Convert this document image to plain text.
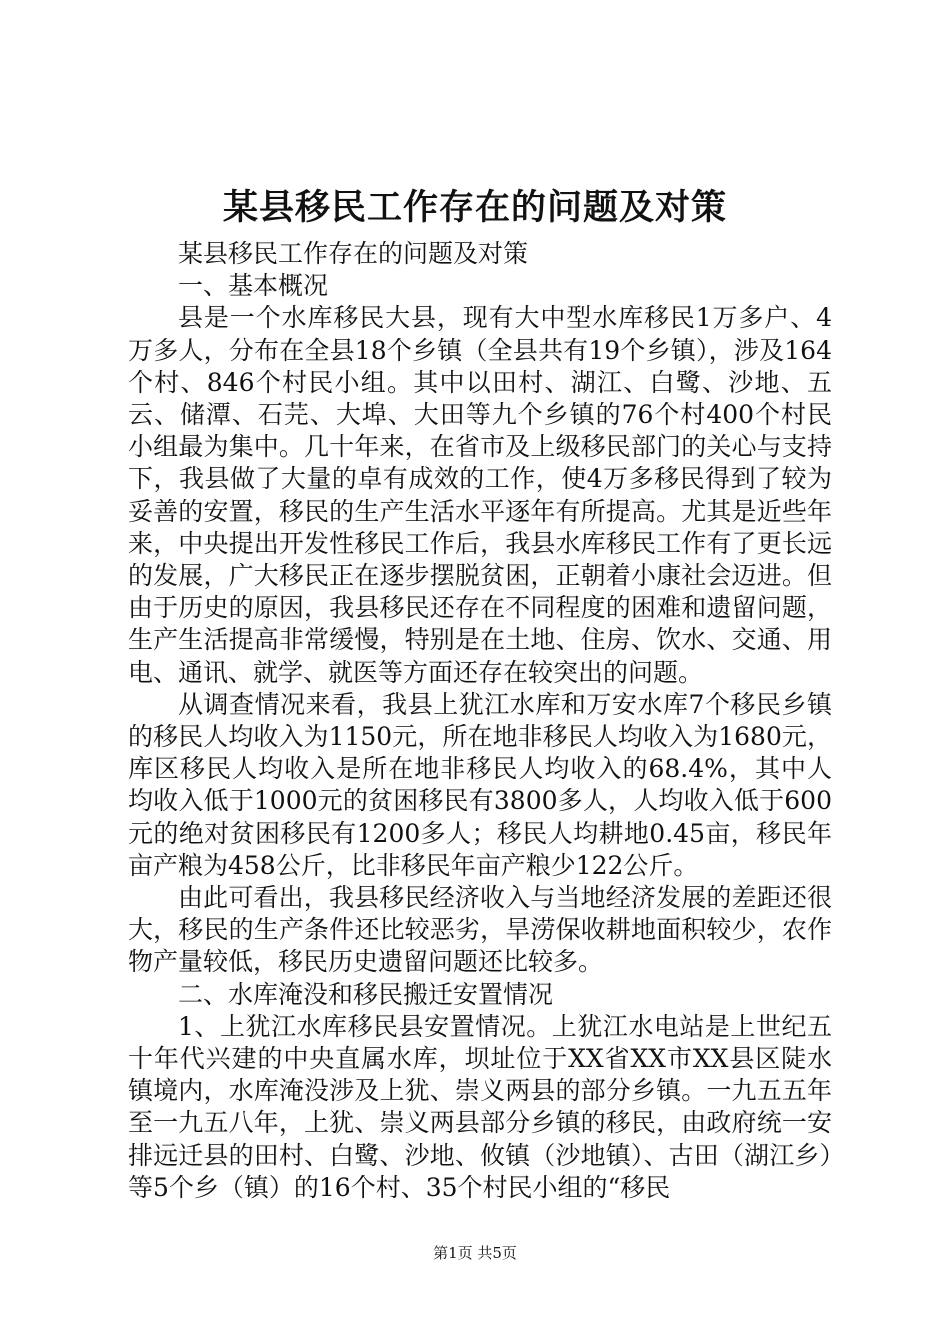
某县移民工作存在的问题及对策

某县移民工作存在的问题及对策

一、基本概况

县是一个水库移民大县，现有大中型水库移民1万多户、4万多人，分布在全县18个乡镇（全县共有19个乡镇），涉及164个村、846个村民小组。其中以田村、湖江、白鹭、沙地、五云、储潭、石芫、大埠、大田等九个乡镇的76个村400个村民小组最为集中。几十年来，在省市及上级移民部门的关心与支持下，我县做了大量的卓有成效的工作，使4万多移民得到了较为妥善的安置，移民的生产生活水平逐年有所提高。尤其是近些年来，中央提出开发性移民工作后，我县水库移民工作有了更长远的发展，广大移民正在逐步摆脱贫困，正朝着小康社会迈进。但由于历史的原因，我县移民还存在不同程度的困难和遗留问题，生产生活提高非常缓慢，特别是在土地、住房、饮水、交通、用电、通讯、就学、就医等方面还存在较突出的问题。

从调查情况来看，我县上犹江水库和万安水库7个移民乡镇的移民人均收入为1150元，所在地非移民人均收入为1680元，库区移民人均收入是所在地非移民人均收入的68.4%，其中人均收入低于1000元的贫困移民有3800多人，人均收入低于600元的绝对贫困移民有1200多人；移民人均耕地0.45亩，移民年亩产粮为458公斤，比非移民年亩产粮少122公斤。

由此可看出，我县移民经济收入与当地经济发展的差距还很大，移民的生产条件还比较恶劣，旱涝保收耕地面积较少，农作物产量较低，移民历史遗留问题还比较多。

二、水库淹没和移民搬迁安置情况

1、上犹江水库移民县安置情况。上犹江水电站是上世纪五十年代兴建的中央直属水库，坝址位于XX省XX市XX县区陡水镇境内，水库淹没涉及上犹、崇义两县的部分乡镇。一九五五年至一九五八年，上犹、崇义两县部分乡镇的移民，由政府统一安排远迁县的田村、白鹭、沙地、攸镇（沙地镇）、古田（湖江乡）等5个乡（镇）的16个村、35个村民小组的“移民

第1页 共5页
